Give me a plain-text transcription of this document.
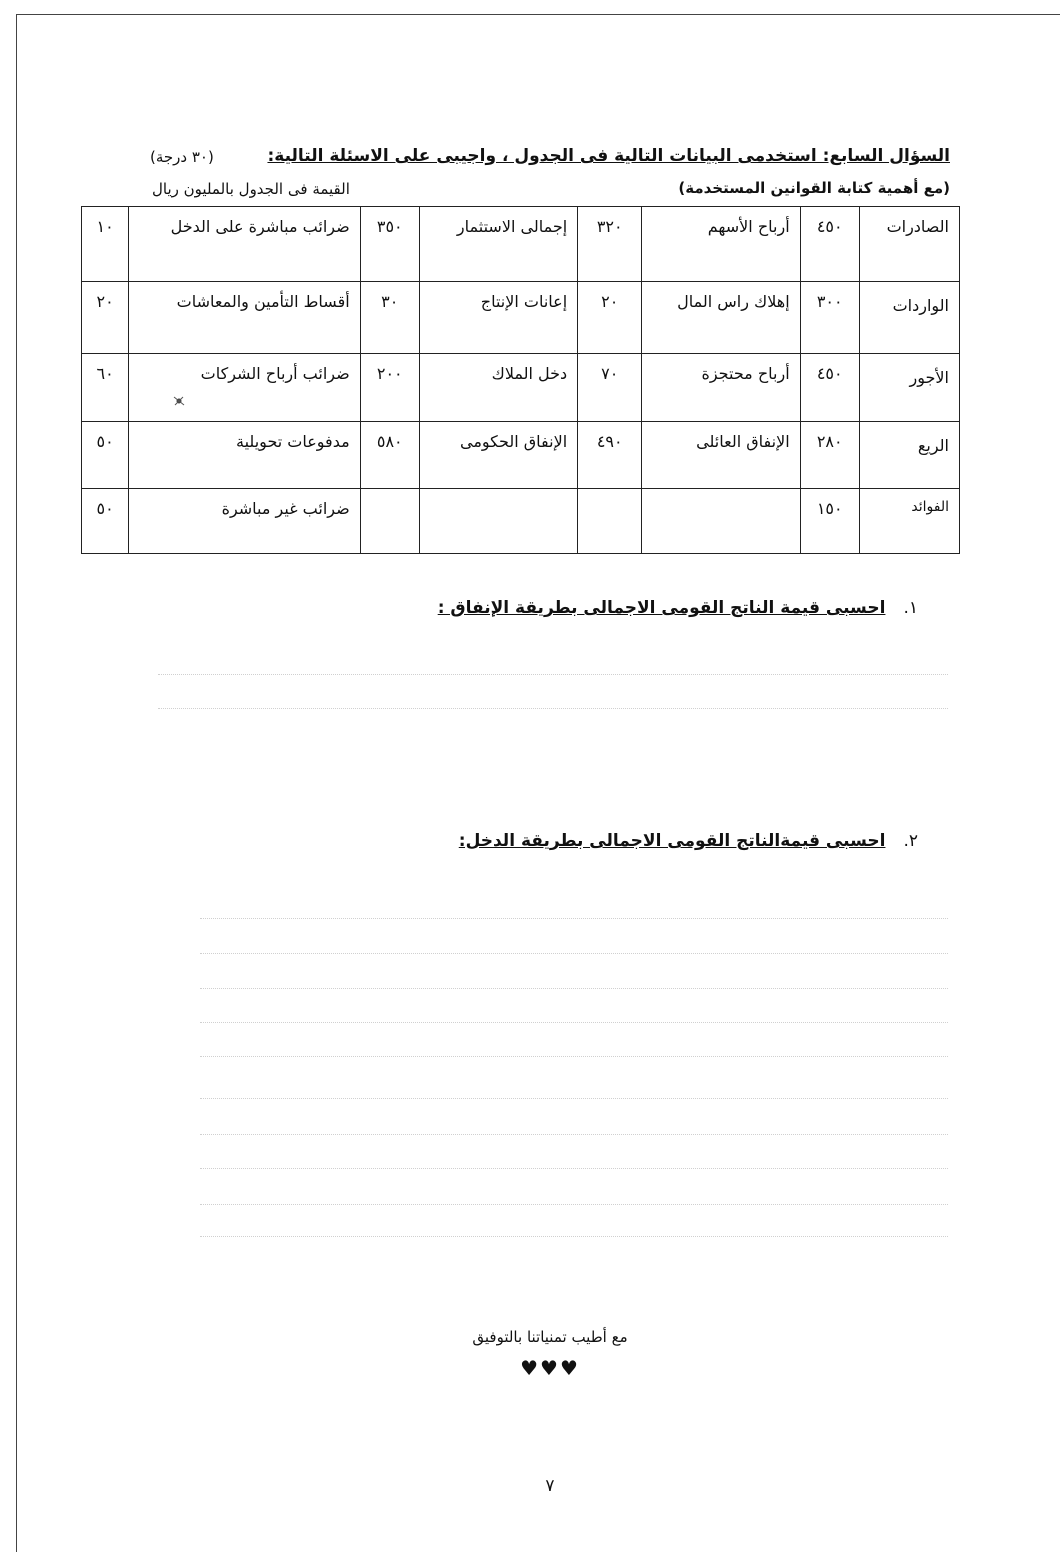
السؤال السابع: استخدمى البيانات التالية فى الجدول ، واجيبى على الاسئلة التالية:
(٣٠ درجة)
(مع أهمية كتابة القوانين المستخدمة)
القيمة فى الجدول بالمليون ريال
الصادرات	٤٥٠	أرباح الأسهم	٣٢٠	إجمالى الاستثمار	٣٥٠	ضرائب مباشرة على الدخل	١٠
الواردات	٣٠٠	إهلاك راس المال	٢٠	إعانات الإنتاج	٣٠	أقساط التأمين والمعاشات	٢٠
الأجور	٤٥٠	أرباح محتجزة	٧٠	دخل الملاك	٢٠٠	ضرائب أرباح الشركات	٦٠
الريع	٢٨٠	الإنفاق العائلى	٤٩٠	الإنفاق الحكومى	٥٨٠	مدفوعات تحويلية	٥٠
الفوائد	١٥٠					ضرائب غير مباشرة	٥٠
١.احسبى قيمة الناتج القومى الاجمالى بطريقة الإنفاق :
٢.احسبى قيمةالناتج القومى الاجمالى بطريقة الدخل:
مع أطيب تمنياتنا بالتوفيق
♥♥♥
٧
